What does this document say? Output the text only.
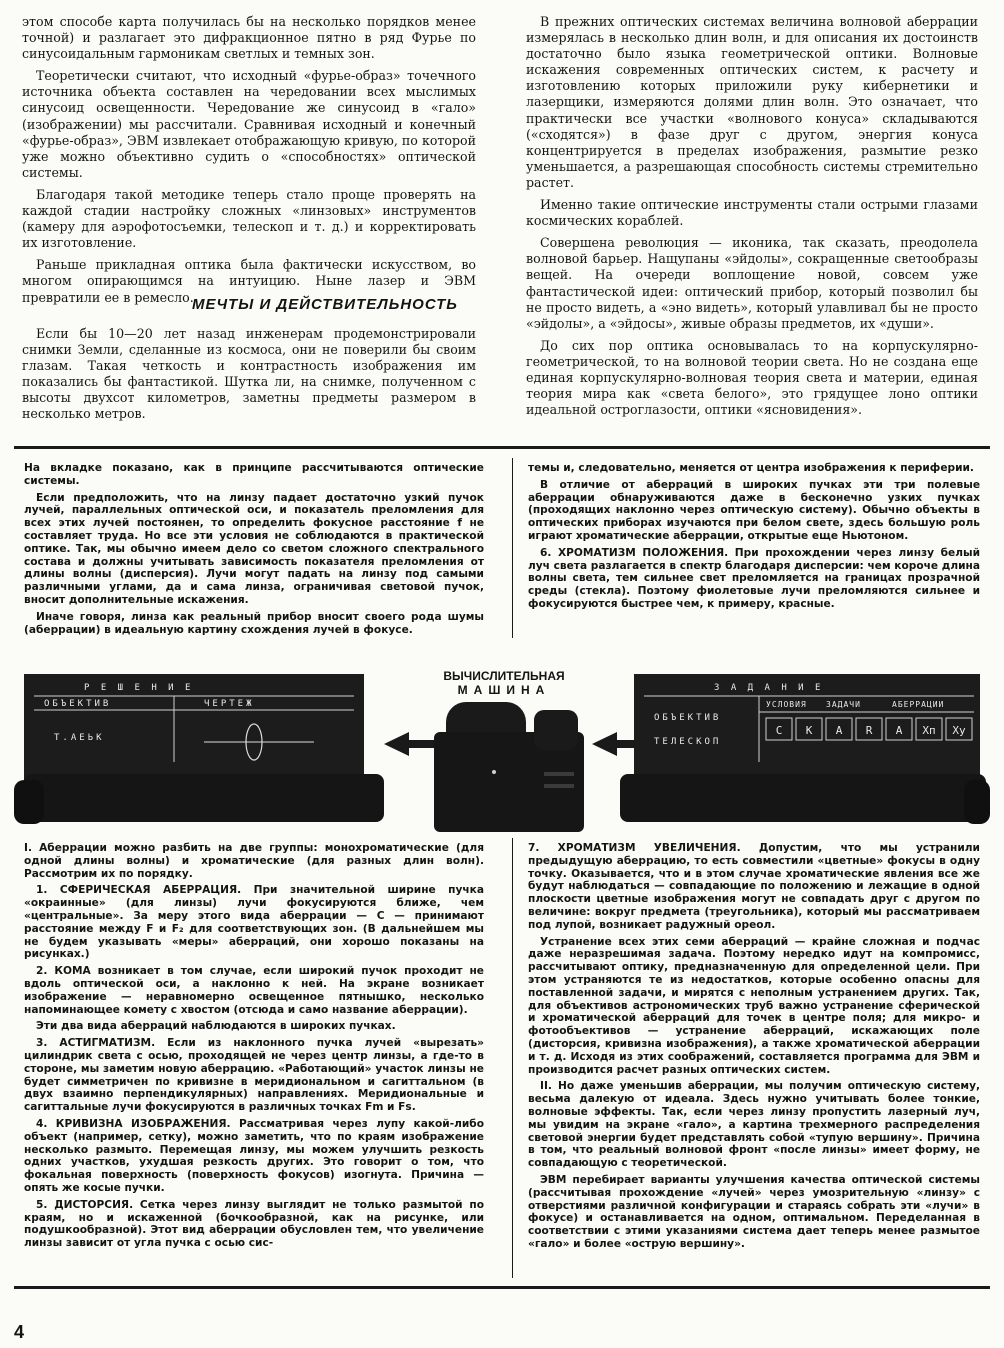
этом способе карта получилась бы на несколько порядков менее точной) и разлагает это дифракционное пятно в ряд Фурье по синусоидальным гармоникам светлых и темных зон.

Теоретически считают, что исходный «фурье-образ» точечного источника объекта составлен на чередовании всех мыслимых синусоид освещенности. Чередование же синусоид в «гало» (изображении) мы рассчитали. Сравнивая исходный и конечный «фурье-образ», ЭВМ извлекает отображающую кривую, по которой уже можно объективно судить о «способностях» оптической системы.

Благодаря такой методике теперь стало проще проверять на каждой стадии настройку сложных «линзовых» инструментов (камеру для аэрофотосъемки, телескоп и т. д.) и корректировать их изготовление.

Раньше прикладная оптика была фактически искусством, во многом опирающимся на интуицию. Ныне лазер и ЭВМ превратили ее в ремесло.

МЕЧТЫ И ДЕЙСТВИТЕЛЬНОСТЬ

Если бы 10—20 лет назад инженерам продемонстрировали снимки Земли, сделанные из космоса, они не поверили бы своим глазам. Такая четкость и контрастность изображения им показались бы фантастикой. Шутка ли, на снимке, полученном с высоты двухсот километров, заметны предметы размером в несколько метров.

В прежних оптических системах величина волновой аберрации измерялась в несколько длин волн, и для описания их достоинств достаточно было языка геометрической оптики. Волновые искажения современных оптических систем, к расчету и изготовлению которых приложили руку кибернетики и лазерщики, измеряются долями длин волн. Это означает, что практически все участки «волнового конуса» складываются («сходятся») в фазе друг с другом, энергия конуса концентрируется в пределах изображения, размытие резко уменьшается, а разрешающая способность системы стремительно растет.

Именно такие оптические инструменты стали острыми глазами космических кораблей.

Совершена революция — иконика, так сказать, преодолела волновой барьер. Нащупаны «эйдолы», сокращенные светообразы вещей. На очереди воплощение новой, совсем уже фантастической идеи: оптический прибор, который позволил бы не просто видеть, а «эно видеть», который улавливал бы не просто «эйдолы», а «эйдосы», живые образы предметов, их «души».

До сих пор оптика основывалась то на корпускулярно-геометрической, то на волновой теории света. Но не создана еще единая корпускулярно-волновая теория света и материи, единая теория мира как «света белого», это грядущее лоно оптики идеальной остроглазости, оптики «ясновидения».

На вкладке показано, как в принципе рассчитываются оптические системы.

Если предположить, что на линзу падает достаточно узкий пучок лучей, параллельных оптической оси, и показатель преломления для всех этих лучей постоянен, то определить фокусное расстояние f не составляет труда. Но все эти условия не соблюдаются в практической оптике. Так, мы обычно имеем дело со светом сложного спектрального состава и должны учитывать зависимость показателя преломления от длины волны (дисперсия). Лучи могут падать на линзу под самыми различными углами, да и сама линза, ограничивая световой пучок, вносит дополнительные искажения.

Иначе говоря, линза как реальный прибор вносит своего рода шумы (аберрации) в идеальную картину схождения лучей в фокусе.

темы и, следовательно, меняется от центра изображения к периферии.

В отличие от аберраций в широких пучках эти три полевые аберрации обнаруживаются даже в бесконечно узких пучках (проходящих наклонно через оптическую систему). Обычно объекты в оптических приборах изучаются при белом свете, здесь большую роль играют хроматические аберрации, открытые еще Ньютоном.

6. ХРОМАТИЗМ ПОЛОЖЕНИЯ. При прохождении через линзу белый луч света разлагается в спектр благодаря дисперсии: чем короче длина волны света, тем сильнее свет преломляется на границах прозрачной среды (стекла). Поэтому фиолетовые лучи преломляются сильнее и фокусируются быстрее чем, к примеру, красные.

Р Е Ш Е Н И Е
ОБЪЕКТИВ	ЧЕРТЕЖ
Т.АЕЬК
ВЫЧИСЛИТЕЛЬНАЯ
МАШИНА	З А Д А Н И Е
ОБЪЕКТИВ
ТЕЛЕСКОП
УСЛОВИЯ ЗАДАЧИ	АБЕРРАЦИИ
C K A R A Xп Xу

I. Аберрации можно разбить на две группы: монохроматические (для одной длины волны) и хроматические (для разных длин волн). Рассмотрим их по порядку.

1. СФЕРИЧЕСКАЯ АБЕРРАЦИЯ. При значительной ширине пучка «окраинные» (для линзы) лучи фокусируются ближе, чем «центральные». За меру этого вида аберрации — C — принимают расстояние между F и F₂ для соответствующих зон. (В дальнейшем мы не будем указывать «меры» аберраций, они хорошо показаны на рисунках.)

2. КОМА возникает в том случае, если широкий пучок проходит не вдоль оптической оси, а наклонно к ней. На экране возникает изображение — неравномерно освещенное пятнышко, несколько напоминающее комету с хвостом (отсюда и само название аберрации).

Эти два вида аберраций наблюдаются в широких пучках.

3. АСТИГМАТИЗМ. Если из наклонного пучка лучей «вырезать» цилиндрик света с осью, проходящей не через центр линзы, а где-то в стороне, мы заметим новую аберрацию. «Работающий» участок линзы не будет симметричен по кривизне в меридиональном и сагиттальном (в двух взаимно перпендикулярных) направлениях. Меридиональные и сагиттальные лучи фокусируются в различных точках Fm и Fs.

4. КРИВИЗНА ИЗОБРАЖЕНИЯ. Рассматривая через лупу какой-либо объект (например, сетку), можно заметить, что по краям изображение несколько размыто. Перемещая линзу, мы можем улучшить резкость одних участков, ухудшая резкость других. Это говорит о том, что фокальная поверхность (поверхность фокусов) изогнута. Причина — опять же косые пучки.

5. ДИСТОРСИЯ. Сетка через линзу выглядит не только размытой по краям, но и искаженной (бочкообразной, как на рисунке, или подушкообразной). Этот вид аберрации обусловлен тем, что увеличение линзы зависит от угла пучка с осью сис-

7. ХРОМАТИЗМ УВЕЛИЧЕНИЯ. Допустим, что мы устранили предыдущую аберрацию, то есть совместили «цветные» фокусы в одну точку. Оказывается, что и в этом случае хроматические явления все же будут наблюдаться — совпадающие по положению и лежащие в одной плоскости цветные изображения могут не совпадать друг с другом по величине: вокруг предмета (треугольника), который мы рассматриваем под лупой, возникает радужный ореол.

Устранение всех этих семи аберраций — крайне сложная и подчас даже неразрешимая задача. Поэтому нередко идут на компромисс, рассчитывают оптику, предназначенную для определенной цели. При этом устраняются те из недостатков, которые особенно опасны для поставленной задачи, и мирятся с неполным устранением других. Так, для объективов астрономических труб важно устранение сферической и хроматической аберраций для точек в центре поля; для микро- и фотообъективов — устранение аберраций, искажающих поле (дисторсия, кривизна изображения), а также хроматической аберрации и т. д. Исходя из этих соображений, составляется программа для ЭВМ и производится расчет разных оптических систем.

II. Но даже уменьшив аберрации, мы получим оптическую систему, весьма далекую от идеала. Здесь нужно учитывать более тонкие, волновые эффекты. Так, если через линзу пропустить лазерный луч, мы увидим на экране «гало», а картина трехмерного распределения световой энергии будет представлять собой «тупую вершину». Причина в том, что реальный волновой фронт «после линзы» имеет форму, не совпадающую с теоретической.

ЭВМ перебирает варианты улучшения качества оптической системы (рассчитывая прохождение «лучей» через умозрительную «линзу» с отверстиями различной конфигурации и стараясь собрать эти «лучи» в фокусе) и останавливается на одном, оптимальном. Переделанная в соответствии с этими указаниями система дает теперь менее размытое «гало» и более «острую вершину».

4
